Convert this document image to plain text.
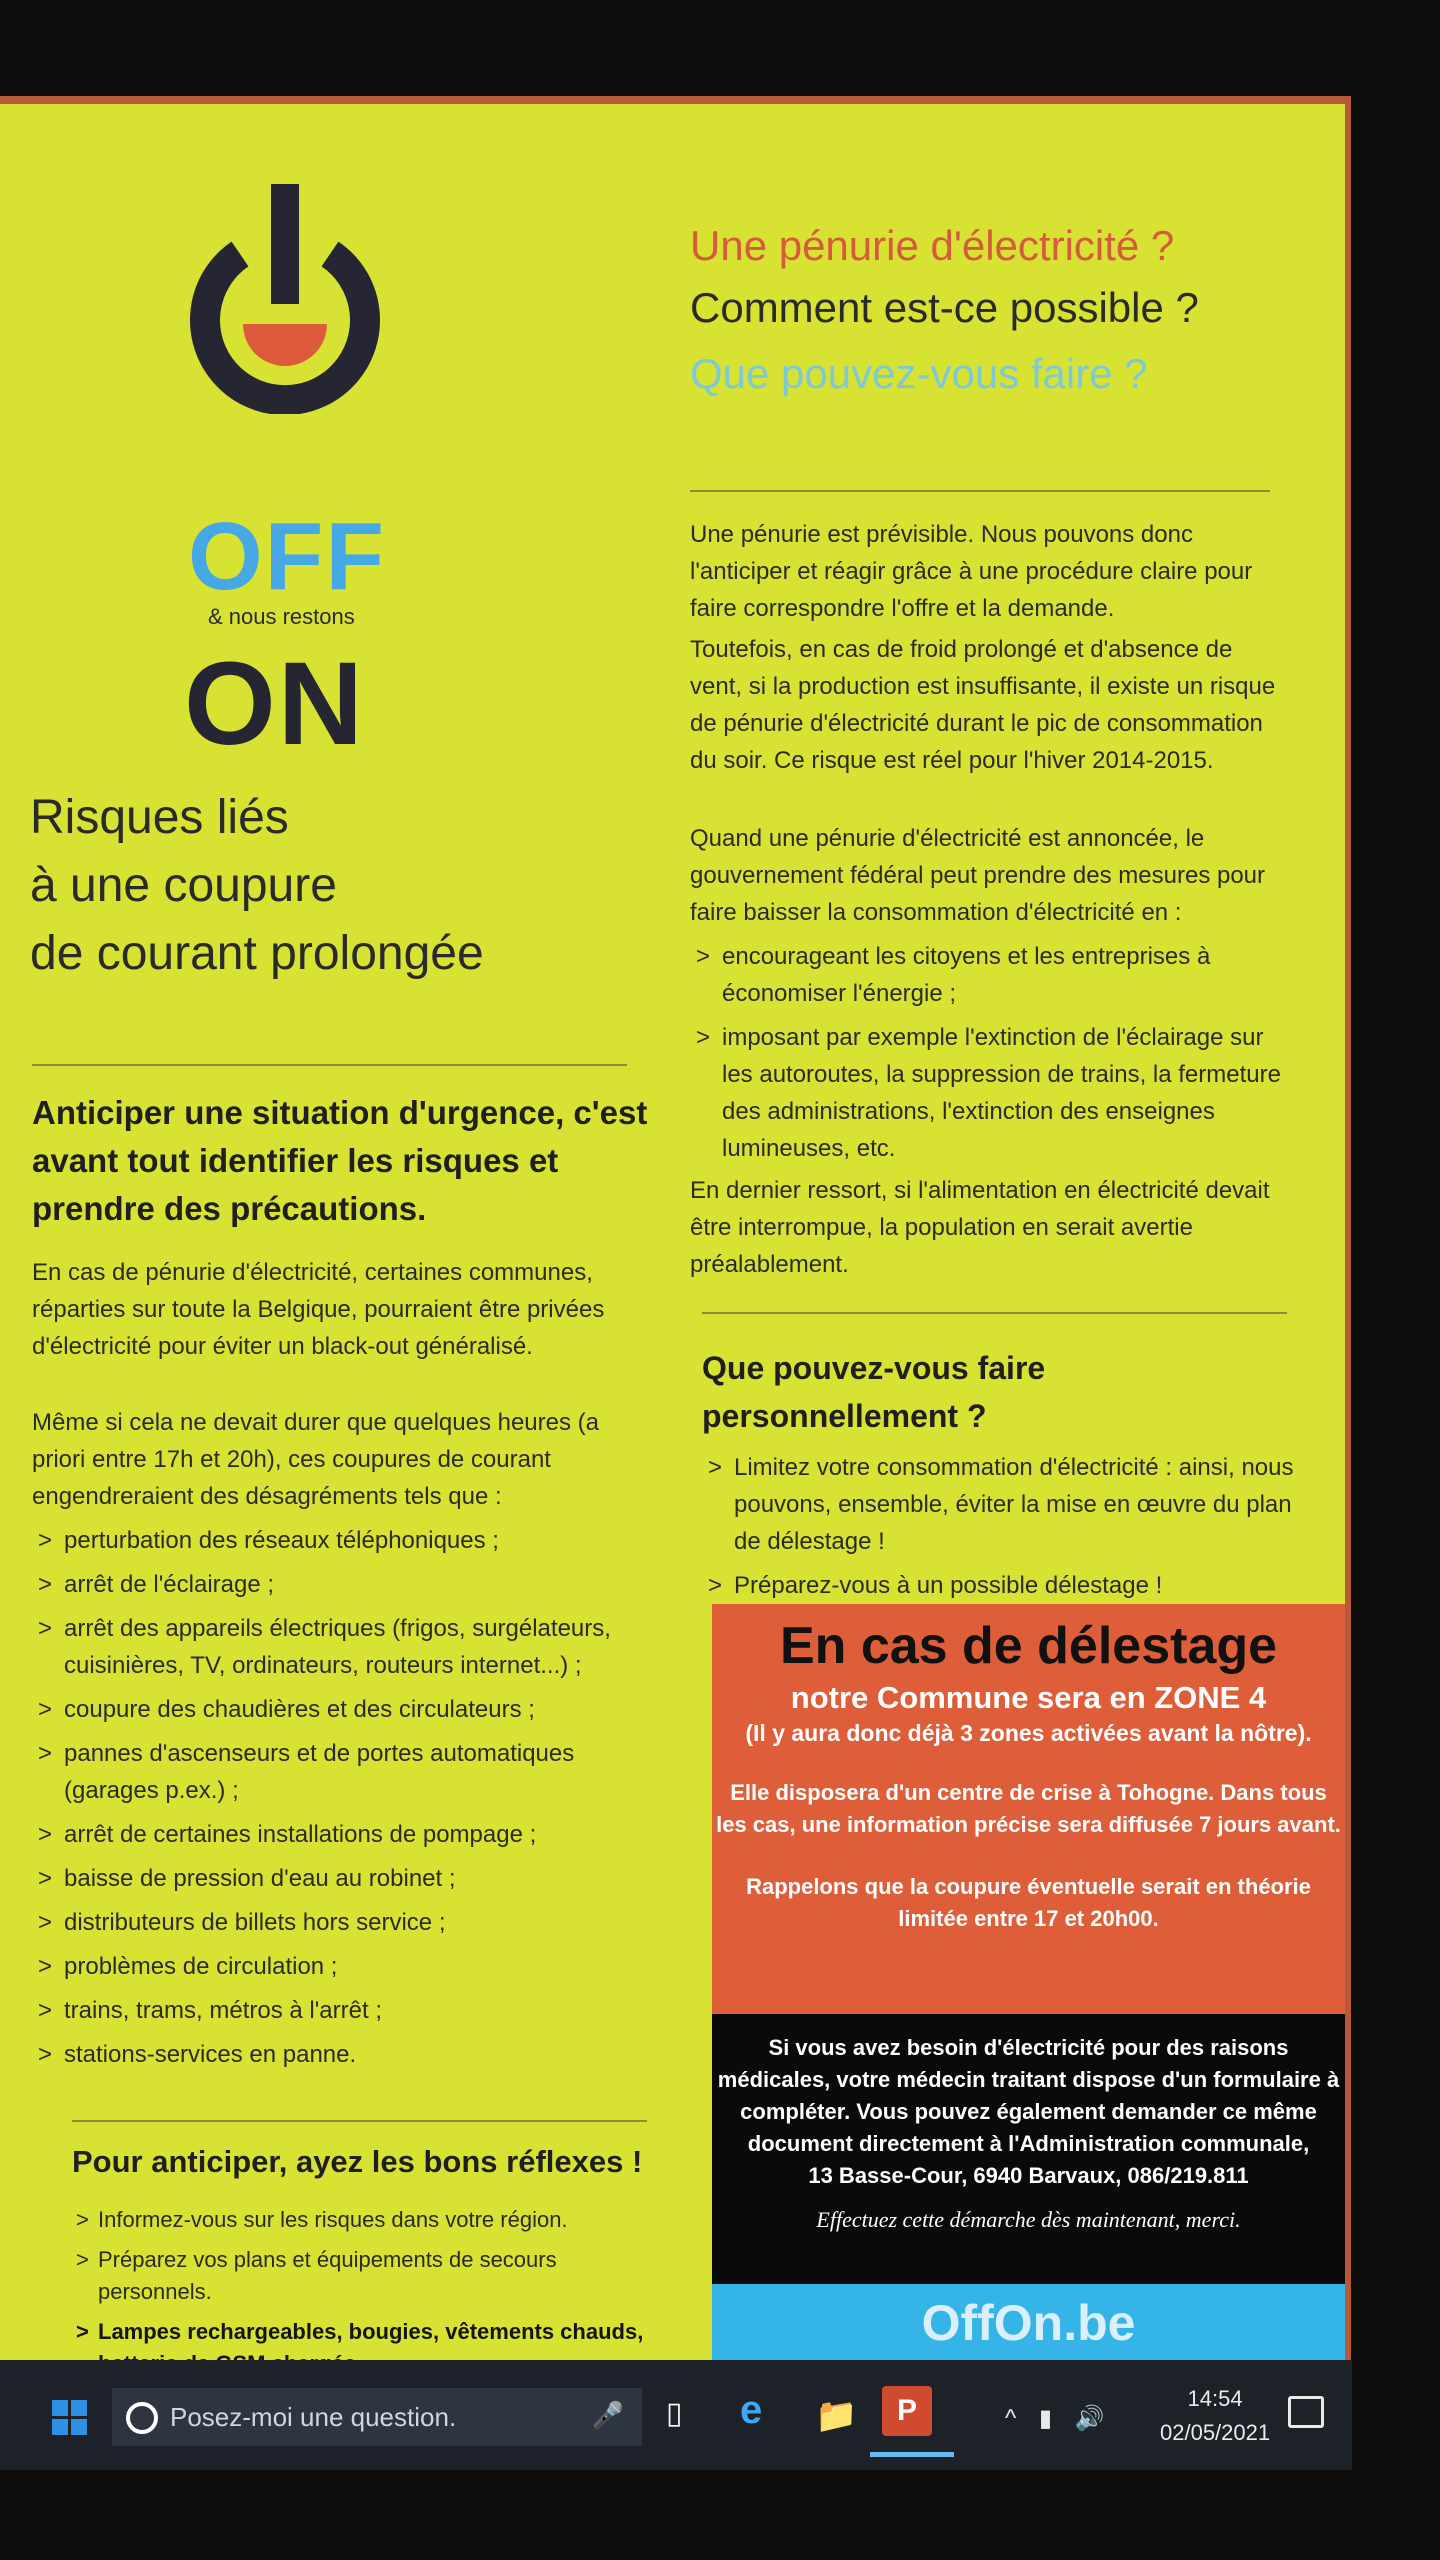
OFF
& nous restons
ON
Risques liés
à une coupure
de courant prolongée
Anticiper une situation d'urgence, c'est avant tout identifier les risques et prendre des précautions.
En cas de pénurie d'électricité, certaines communes, réparties sur toute la Belgique, pourraient être privées d'électricité pour éviter un black-out généralisé.
Même si cela ne devait durer que quelques heures (a priori entre 17h et 20h), ces coupures de courant engendreraient des désagréments tels que :
> perturbation des réseaux téléphoniques ;
> arrêt de l'éclairage ;
> arrêt des appareils électriques (frigos, surgélateurs, cuisinières, TV, ordinateurs, routeurs internet...) ;
> coupure des chaudières et des circulateurs ;
> pannes d'ascenseurs et de portes automatiques (garages p.ex.) ;
> arrêt de certaines installations de pompage ;
> baisse de pression d'eau au robinet ;
> distributeurs de billets hors service ;
> problèmes de circulation ;
> trains, trams, métros à l'arrêt ;
> stations-services en panne.
Pour anticiper, ayez les bons réflexes !
> Informez-vous sur les risques dans votre région.
> Préparez vos plans et équipements de secours personnels.
> Lampes rechargeables, bougies, vêtements chauds,
Une pénurie d'électricité ?
Comment est-ce possible ?
Que pouvez-vous faire ?
Une pénurie est prévisible. Nous pouvons donc l'anticiper et réagir grâce à une procédure claire pour faire correspondre l'offre et la demande.
Toutefois, en cas de froid prolongé et d'absence de vent, si la production est insuffisante, il existe un risque de pénurie d'électricité durant le pic de consommation du soir. Ce risque est réel pour l'hiver 2014-2015.
Quand une pénurie d'électricité est annoncée, le gouvernement fédéral peut prendre des mesures pour faire baisser la consommation d'électricité en :
> encourageant les citoyens et les entreprises à économiser l'énergie ;
> imposant par exemple l'extinction de l'éclairage sur les autoroutes, la suppression de trains, la fermeture des administrations, l'extinction des enseignes lumineuses, etc.
En dernier ressort, si l'alimentation en électricité devait être interrompue, la population en serait avertie préalablement.
Que pouvez-vous faire personnellement ?
> Limitez votre consommation d'électricité : ainsi, nous pouvons, ensemble, éviter la mise en œuvre du plan de délestage !
> Préparez-vous à un possible délestage !
En cas de délestage
notre Commune sera en ZONE 4
(Il y aura donc déjà 3 zones activées avant la nôtre).
Elle disposera d'un centre de crise à Tohogne. Dans tous les cas, une information précise sera diffusée 7 jours avant.
Rappelons que la coupure éventuelle serait en théorie limitée entre 17 et 20h00.
Si vous avez besoin d'électricité pour des raisons médicales, votre médecin traitant dispose d'un formulaire à compléter. Vous pouvez également demander ce même document directement à l'Administration communale,
13 Basse-Cour, 6940 Barvaux, 086/219.811
Effectuez cette démarche dès maintenant, merci.
OffOn.be
Posez-moi une question.	🎤 ▯ e 📁	P	^ ▮ 🔊
14:54
02/05/2021
